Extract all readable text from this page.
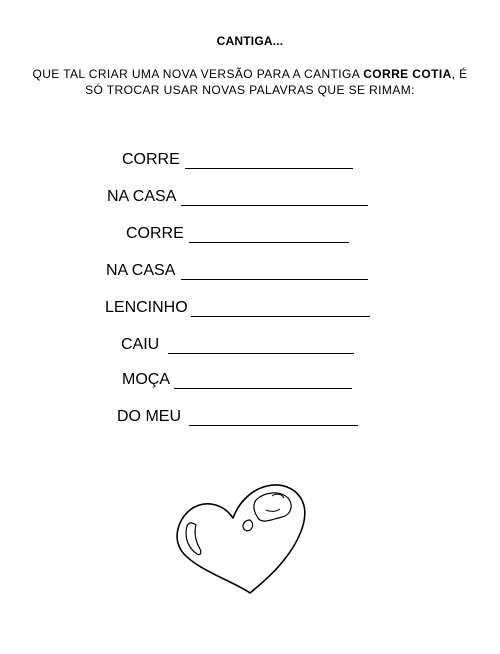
CANTIGA...
QUE TAL CRIAR UMA NOVA VERSÃO PARA A CANTIGA CORRE COTIA, É SÓ TROCAR USAR NOVAS PALAVRAS QUE SE RIMAM:
CORRE
NA CASA
CORRE
NA CASA
LENCINHO
CAIU
MOÇA
DO MEU
